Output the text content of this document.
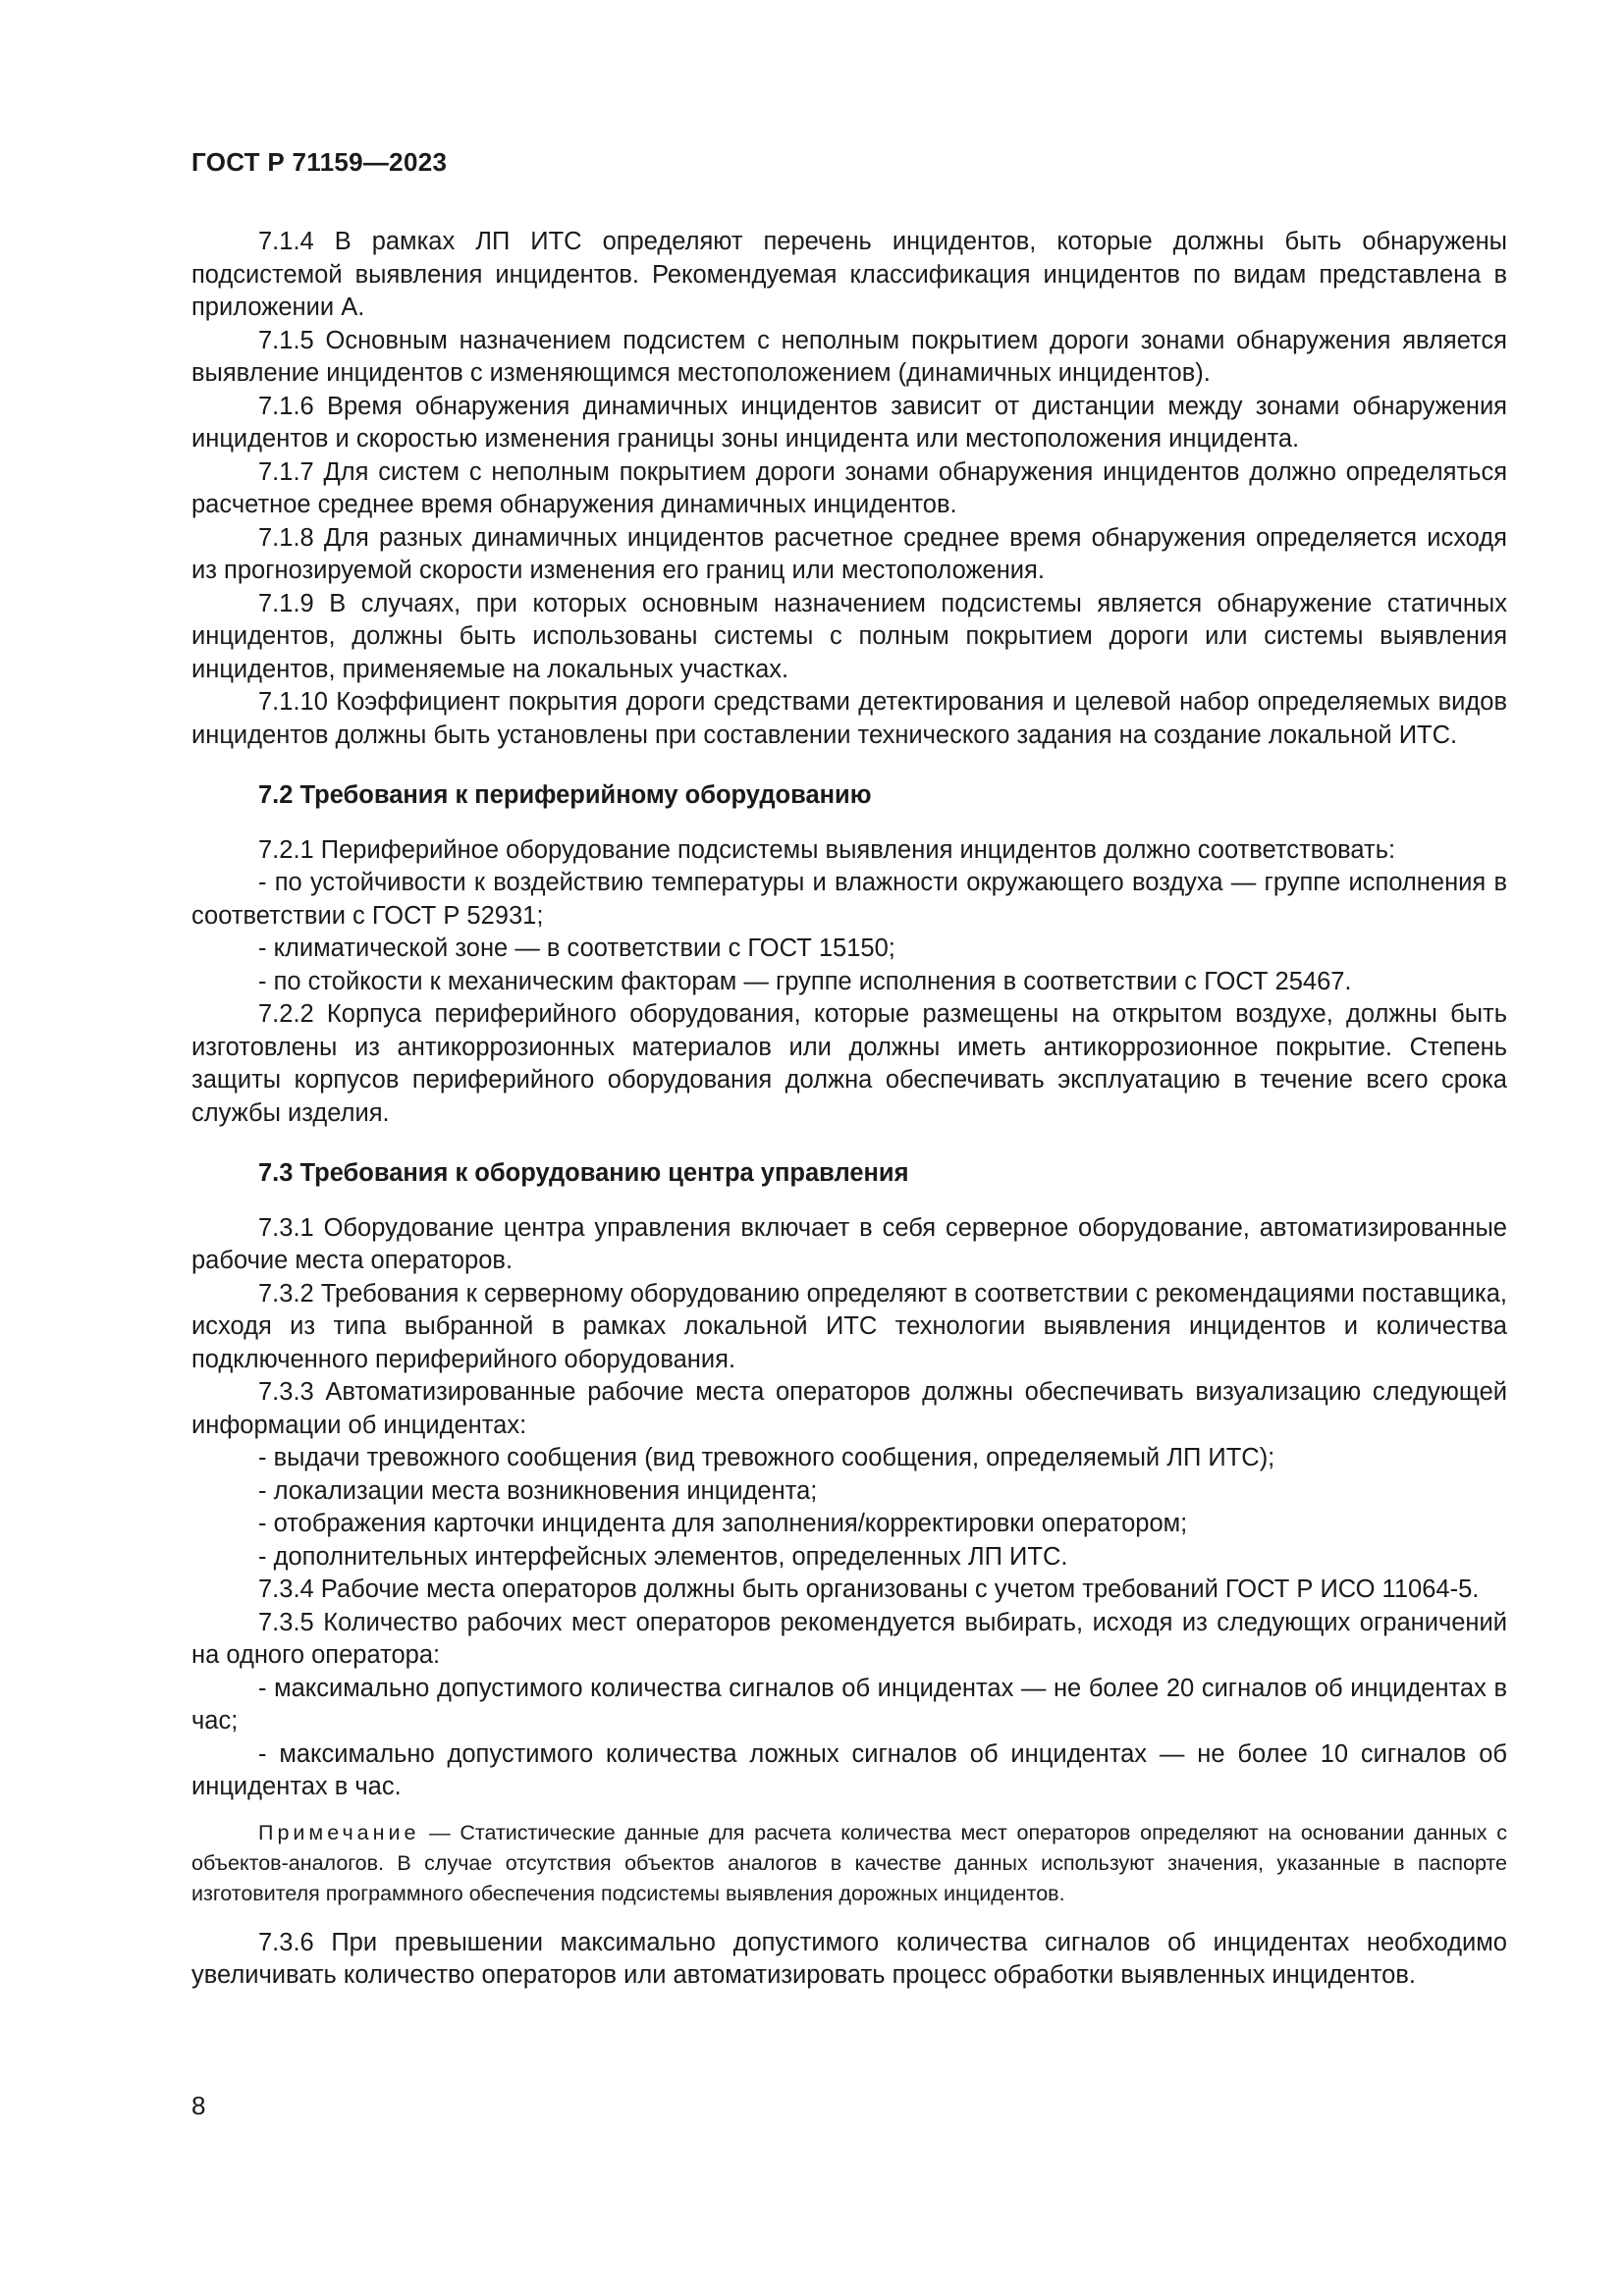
ГОСТ Р 71159—2023

7.1.4 В рамках ЛП ИТС определяют перечень инцидентов, которые должны быть обнаружены подсистемой выявления инцидентов. Рекомендуемая классификация инцидентов по видам представлена в приложении А.

7.1.5 Основным назначением подсистем с неполным покрытием дороги зонами обнаружения является выявление инцидентов с изменяющимся местоположением (динамичных инцидентов).

7.1.6 Время обнаружения динамичных инцидентов зависит от дистанции между зонами обнаружения инцидентов и скоростью изменения границы зоны инцидента или местоположения инцидента.

7.1.7 Для систем с неполным покрытием дороги зонами обнаружения инцидентов должно определяться расчетное среднее время обнаружения динамичных инцидентов.

7.1.8 Для разных динамичных инцидентов расчетное среднее время обнаружения определяется исходя из прогнозируемой скорости изменения его границ или местоположения.

7.1.9 В случаях, при которых основным назначением подсистемы является обнаружение статичных инцидентов, должны быть использованы системы с полным покрытием дороги или системы выявления инцидентов, применяемые на локальных участках.

7.1.10 Коэффициент покрытия дороги средствами детектирования и целевой набор определяемых видов инцидентов должны быть установлены при составлении технического задания на создание локальной ИТС.

7.2 Требования к периферийному оборудованию

7.2.1 Периферийное оборудование подсистемы выявления инцидентов должно соответствовать:

- по устойчивости к воздействию температуры и влажности окружающего воздуха — группе исполнения в соответствии с ГОСТ Р 52931;

- климатической зоне — в соответствии с ГОСТ 15150;

- по стойкости к механическим факторам — группе исполнения в соответствии с ГОСТ 25467.

7.2.2 Корпуса периферийного оборудования, которые размещены на открытом воздухе, должны быть изготовлены из антикоррозионных материалов или должны иметь антикоррозионное покрытие. Степень защиты корпусов периферийного оборудования должна обеспечивать эксплуатацию в течение всего срока службы изделия.

7.3 Требования к оборудованию центра управления

7.3.1 Оборудование центра управления включает в себя серверное оборудование, автоматизированные рабочие места операторов.

7.3.2 Требования к серверному оборудованию определяют в соответствии с рекомендациями поставщика, исходя из типа выбранной в рамках локальной ИТС технологии выявления инцидентов и количества подключенного периферийного оборудования.

7.3.3 Автоматизированные рабочие места операторов должны обеспечивать визуализацию следующей информации об инцидентах:

- выдачи тревожного сообщения (вид тревожного сообщения, определяемый ЛП ИТС);

- локализации места возникновения инцидента;

- отображения карточки инцидента для заполнения/корректировки оператором;

- дополнительных интерфейсных элементов, определенных ЛП ИТС.

7.3.4 Рабочие места операторов должны быть организованы с учетом требований ГОСТ Р ИСО 11064-5.

7.3.5 Количество рабочих мест операторов рекомендуется выбирать, исходя из следующих ограничений на одного оператора:

- максимально допустимого количества сигналов об инцидентах — не более 20 сигналов об инцидентах в час;

- максимально допустимого количества ложных сигналов об инцидентах — не более 10 сигналов об инцидентах в час.

Примечание — Статистические данные для расчета количества мест операторов определяют на основании данных с объектов-аналогов. В случае отсутствия объектов аналогов в качестве данных используют значения, указанные в паспорте изготовителя программного обеспечения подсистемы выявления дорожных инцидентов.

7.3.6 При превышении максимально допустимого количества сигналов об инцидентах необходимо увеличивать количество операторов или автоматизировать процесс обработки выявленных инцидентов.

8
